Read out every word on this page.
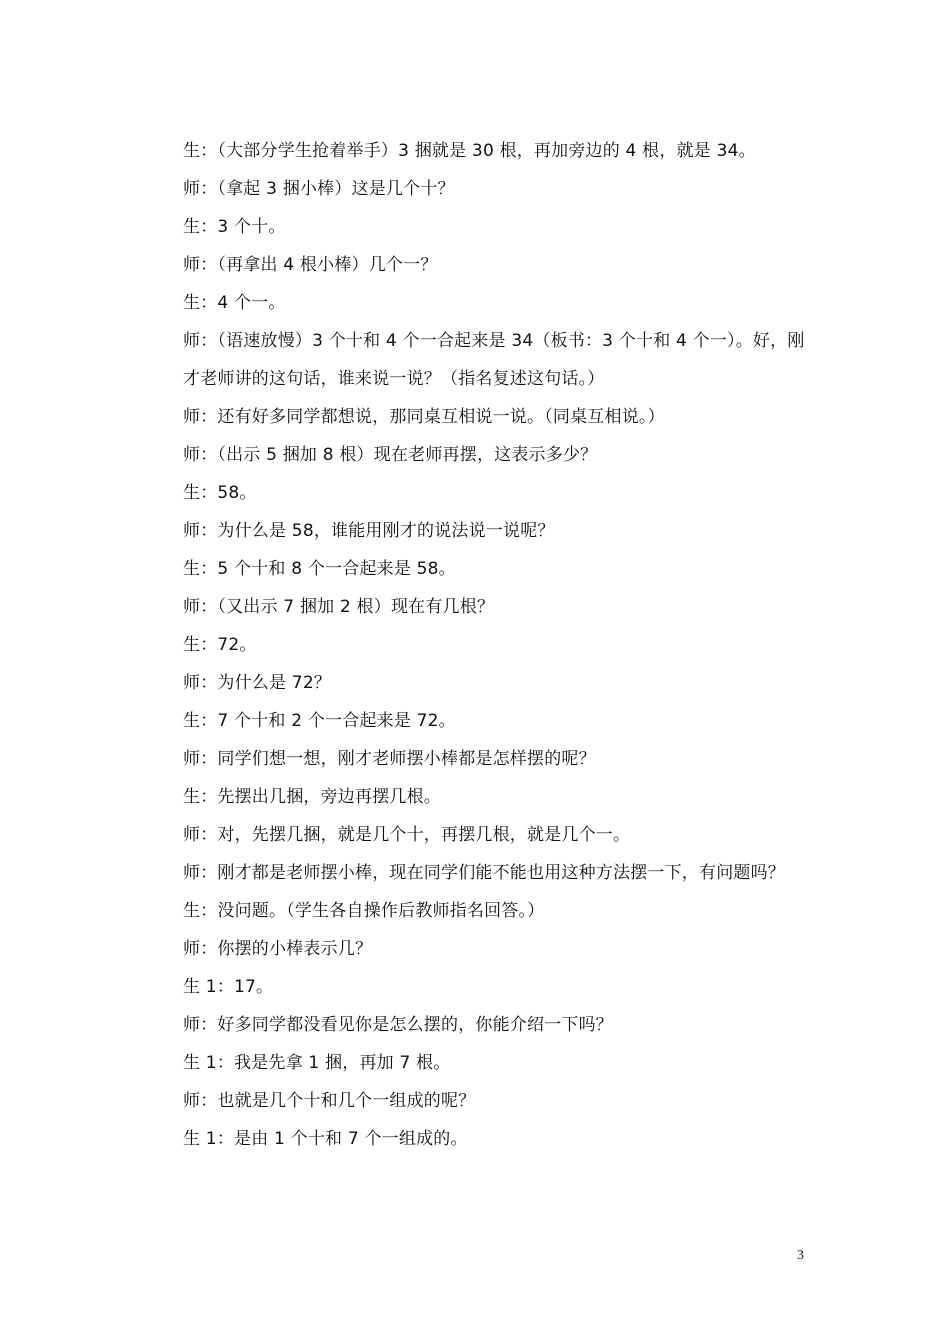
生：（大部分学生抢着举手）3 捆就是 30 根，再加旁边的 4 根，就是 34。

师：（拿起 3 捆小棒）这是几个十？

生：3 个十。

师：（再拿出 4 根小棒）几个一？

生：4 个一。

师：（语速放慢）3 个十和 4 个一合起来是 34（板书：3 个十和 4 个一）。好，刚才老师讲的这句话，谁来说一说？（指名复述这句话。）

师：还有好多同学都想说，那同桌互相说一说。（同桌互相说。）

师：（出示 5 捆加 8 根）现在老师再摆，这表示多少？

生：58。

师：为什么是 58，谁能用刚才的说法说一说呢？

生：5 个十和 8 个一合起来是 58。

师：（又出示 7 捆加 2 根）现在有几根？

生：72。

师：为什么是 72？

生：7 个十和 2 个一合起来是 72。

师：同学们想一想，刚才老师摆小棒都是怎样摆的呢？

生：先摆出几捆，旁边再摆几根。

师：对，先摆几捆，就是几个十，再摆几根，就是几个一。

师：刚才都是老师摆小棒，现在同学们能不能也用这种方法摆一下，有问题吗？

生：没问题。（学生各自操作后教师指名回答。）

师：你摆的小棒表示几？

生 1：17。

师：好多同学都没看见你是怎么摆的，你能介绍一下吗？

生 1：我是先拿 1 捆，再加 7 根。

师：也就是几个十和几个一组成的呢？

生 1：是由 1 个十和 7 个一组成的。

3
